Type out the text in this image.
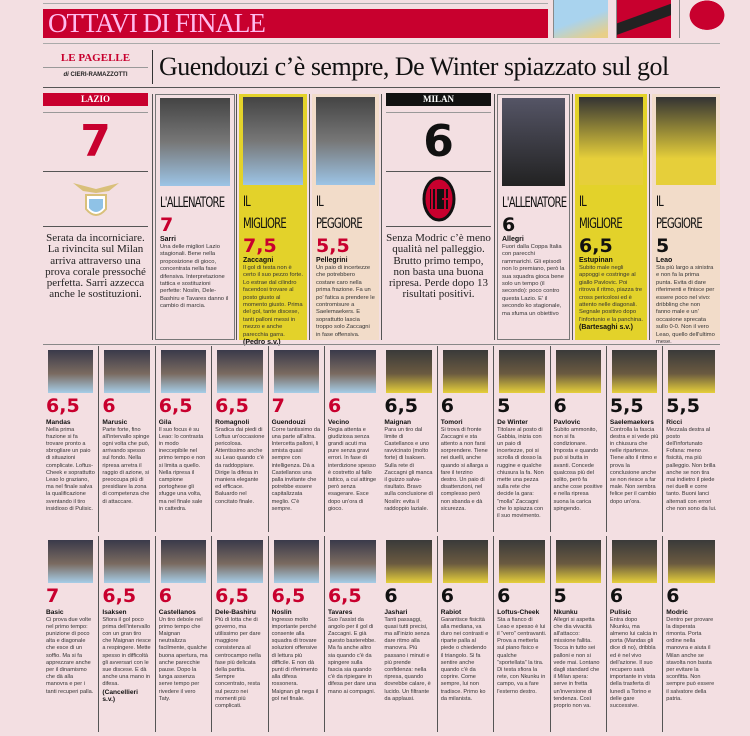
OTTAVI DI FINALE
LE PAGELLE
di CIERI-RAMAZZOTTI	Guendouzi c’è sempre, De Winter spiazzato sul gol
LAZIO
7
Serata da incorniciare. La rivincita sul Milan arriva attraverso una prova corale pressoché perfetta. Sarri azzecca anche le sostituzioni.
MILAN
6
Senza Modric c’è meno qualità nel palleggio. Brutto primo tempo, non basta una buona ripresa. Perde dopo 13 risultati positivi.
L'ALLENATORE
7
Sarri
Una delle migliori Lazio stagionali. Bene nella proposizione di gioco, concentrata nella fase difensiva. Interpretazione tattica e sostituzioni perfette: Noslin, Dele-Bashiru e Tavares danno il cambio di marcia.
IL MIGLIORE
7,5
Zaccagni
Il gol di testa non è certo il suo pezzo forte. Lo estrae dal cilindro facendosi trovare al posto giusto al momento giusto. Prima del gol, tante discese, tanti palloni messi in mezzo e anche parecchia garra.
(Pedro s.v.)
IL PEGGIORE
5,5
Pellegrini
Un paio di incertezze che potrebbero costare caro nella prima frazione. Fa un po' fatica a prendere le contromisure a Saelemaekers. E soprattutto lascia troppo solo Zaccagni in fase offensiva.
L'ALLENATORE
6
Allegri
Fuori dalla Coppa Italia con parecchi rammarichi. Gli episodi non lo premiano, però la sua squadra gioca bene solo un tempo (il secondo): poco contro questa Lazio. E' il secondo ko stagionale, ma sfuma un obiettivo
IL MIGLIORE
6,5
Estupinan
Subito male negli appoggi e costringe al giallo Pavlovic. Poi ritrova il ritmo, piazza tre cross pericolosi ed è attento nelle diagonali. Segnale positivo dopo l'infortunio e la panchina.
(Bartesaghi s.v.)
IL PEGGIORE
5
Leao
Sta più largo a sinistra e non fa la prima punta. Evita di dare riferimenti e finisce per essere poco nel vivo: dribbling che non fanno male e un' occasione sprecata sullo 0-0. Non il vero Leao, quello dell'ultimo mese.
6,5
Mandas
Nella prima frazione si fa trovare pronto a sbrogliare un paio di situazioni complicate. Loftus-Cheek e soprattutto Leao lo graziano, ma nel finale salva la qualificazione sventando il tiro insidioso di Pulisic.
6
Marusic
Parte forte, fino all'intervallo spinge ogni volta che può, arrivando spesso sul fondo. Nella ripresa arretra il raggio di azione, si preoccupa più di presidiare la zona di competenza che di attaccare.
6,5
Gila
Il suo focus è su Leao: lo contrasta in modo ineccepibile nel primo tempo e non si limita a quello. Nella ripresa il campione portoghese gli sfugge una volta, ma nel finale sale in cattedra.
6,5
Romagnoli
Sradica dai piedi di Loftus un'occasione pericolosa. Attentissimo anche su Leao quando c'è da raddoppiare. Dirige la difesa in maniera elegante ed efficace. Baluardo nel concitato finale.
7
Guendouzi
Corre tantissimo da una parte all'altra. Intercetta palloni, li smista quasi sempre con intelligenza. Dà a Castellanos una palla invitante che potrebbe essere capitalizzata meglio. C'è sempre.
6
Vecino
Regia attenta e giudiziosa senza grandi acuti ma pure senza gravi errori. In fase di interdizione spesso è costretto al fallo tattico, a cui attinge però senza esagerare. Esce dopo un'ora di gioco.
6,5
Maignan
Para un tiro dal limite di Castellanos e uno ravvicinato (molto forte) di Isaksen. Sulla rete di Zaccagni gli manca il guizzo salva-risultato. Bravo sulla conclusione di Noslin: evita il raddoppio laziale.
6
Tomori
Si trova di fronte Zaccagni e sta attento a non farsi sorprendere. Tiene nei duelli, anche quando si allarga a fare il terzino destro. Un paio di disattenzioni, nel complesso però non sbanda e dà sicurezza.
5
De Winter
Titolare al posto di Gabbia, inizia con un paio di incertezze, poi si scrolla di dosso la ruggine e qualche chiusura la fa. Non mette una pezza sulla rete che decide la gara: “molla” Zaccagni che lo spiazza con il suo movimento.
6
Pavlovic
Subito ammonito, non si fa condizionare. Imposta e quando può si butta in avanti. Concede qualcosa più del solito, però fa anche cose positive e nella ripresa suona la carica spingendo.
5,5
Saelemaekers
Controlla la fascia destra e si vede più in chiusura che nelle ripartenze. Tiene alto il ritmo e prova la conclusione anche se non riesce a far male. Non sembra felice per il cambio dopo un'ora.
5,5
Ricci
Mezzala destra al posto dell'infortunato Fofana: meno fisicità, ma più palleggio. Non brilla anche se non tira mai indietro il piede nei duelli e corre tanto. Buoni lanci alternati con errori che non sono da lui.
7
Basic
Ci prova due volte nel primo tempo: punizione di poco alta e diagonale che esce di un soffio. Ma si fa apprezzare anche per il dinamismo che dà alla manovra e per i tanti recuperi palla.
6,5
Isaksen
Sfiora il gol poco prima dell'intervallo con un gran tiro che Maignan riesce a respingere. Mette spesso in difficoltà gli avversari con le sue discese. E dà anche una mano in difesa.
(Cancellieri s.v.)
6
Castellanos
Un tiro debole nel primo tempo che Maignan neutralizza facilmente, qualche buona apertura, ma anche parecchie pause. Dopo la lunga assenza serve tempo per rivedere il vero Taty.
6,5
Dele-Bashiru
Più di lotta che di governo, ma utilissimo per dare maggiore consistenza al centrocampo nella fase più delicata della partita. Sempre concentrato, resta sul pezzo nei momenti più complicati.
6,5
Noslin
Ingresso molto importante perché consente alla squadra di trovare soluzioni offensive di lettura più difficile. E non dà punti di riferimento alla difesa rossonera. Maignan gli nega il gol nel finale.
6,5
Tavares
Suo l'assist da angolo per il gol di Zaccagni. E già questo basterebbe. Ma fa anche altro sia quando c'è da spingere sulla fascia sia quando c'è da ripiegare in difesa per dare una mano ai compagni.
6
Jashari
Tanti passaggi, quasi tutti precisi, ma all'inizio senza dare ritmo alla manovra. Più passano i minuti e più prende confidenza: nella ripresa, quando dovrebbe calare, è lucido. Un filtrante da applausi.
6
Rabiot
Garantisce fisicità alla mediana, va duro nei contrasti e riparte palla al piede o chiedendo il triangolo. Si fa sentire anche quando c'è da coprire. Come sempre, lui non tradisce. Primo ko da milanista.
6
Loftus-Cheek
Sta a fianco di Leao e spesso è lui il “vero” centravanti. Prova a metterla sul piano fisico e qualche “sportellata” la tira. Di testa sfiora la rete, con Nkunku in campo, va a fare l'esterno destro.
5
Nkunku
Allegri si aspetta che dia vivacità all'attacco: missione fallita. Tocca in tutto sei palloni e non si vede mai. Lontano dagli standard che il Milan spera: serve in fretta un'inversione di tendenza. Così proprio non va.
6
Pulisic
Entra dopo Nkunku, ma almeno lui calcia in porta (Mandas gli dice di no), dribbla ed è nel vivo dell'azione. Il suo recupero sarà importante in vista della trasferta di lunedì a Torino e delle gare successive.
6
Modric
Dentro per provare la disperata rimonta. Porta ordine nella manovra e aiuta il Milan anche se stavolta non basta per evitare la sconfitta. Non sempre può essere il salvatore della patria.
